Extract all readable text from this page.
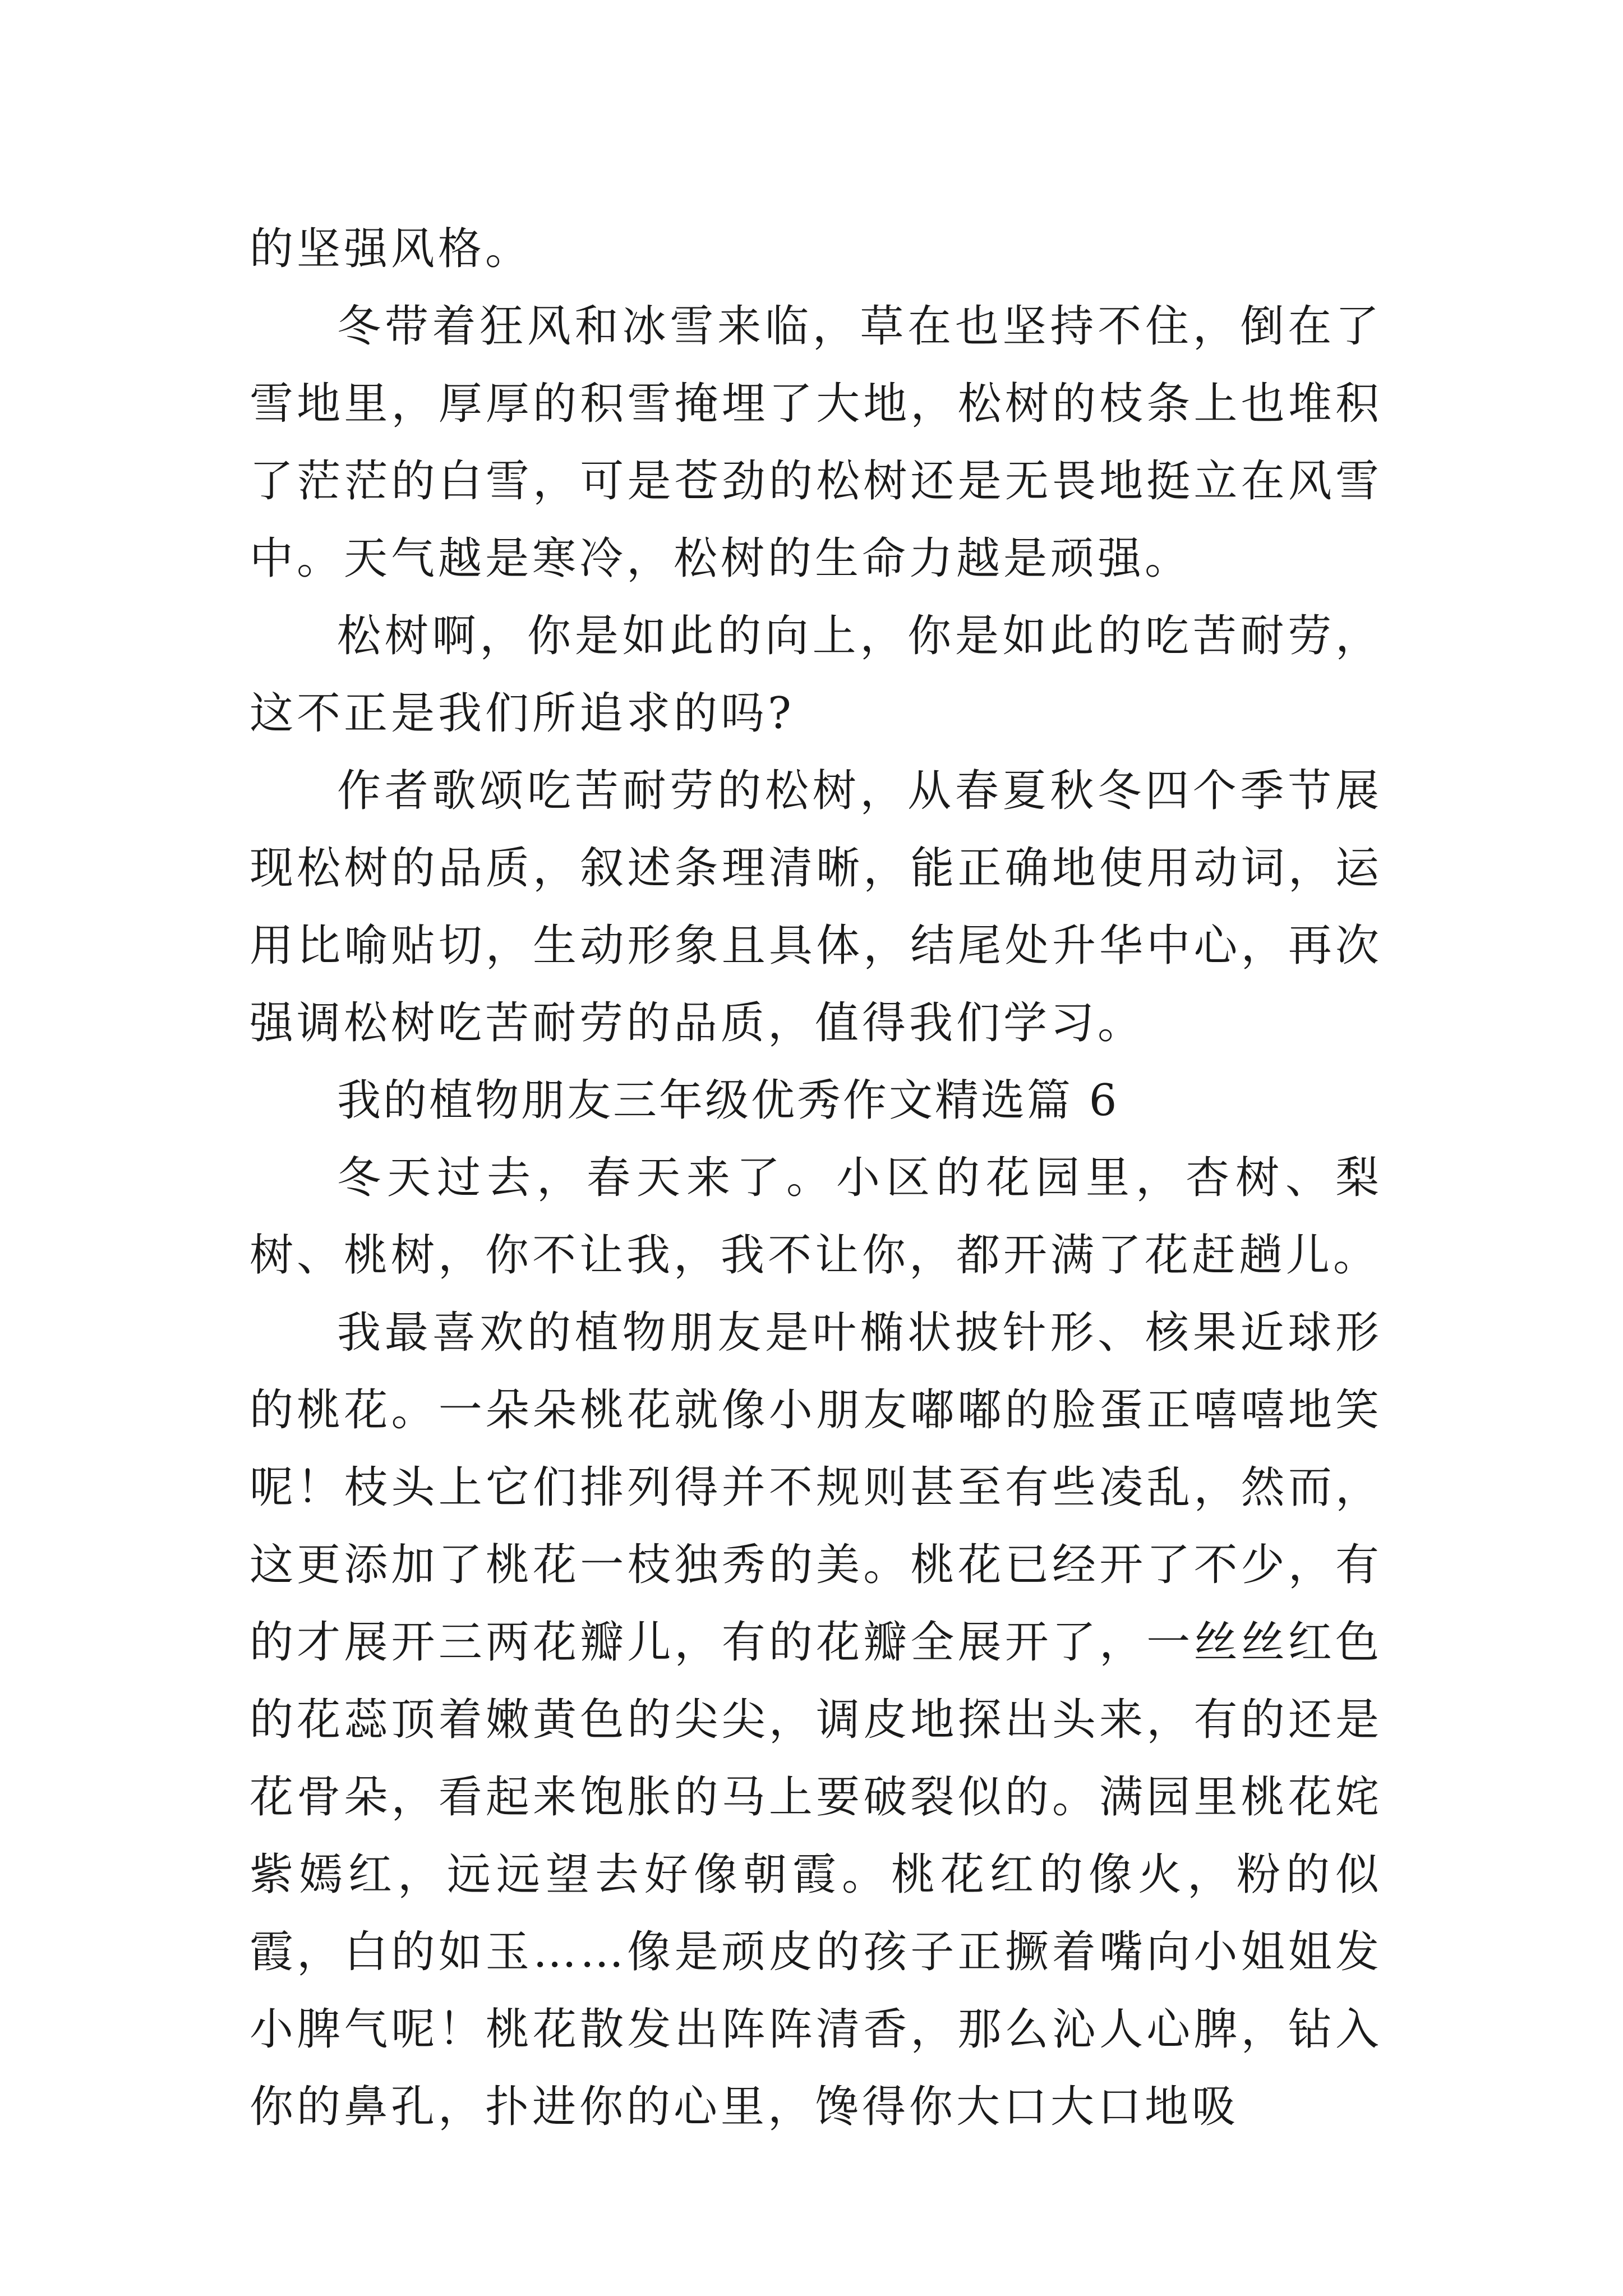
的坚强风格。

冬带着狂风和冰雪来临，草在也坚持不住，倒在了雪地里，厚厚的积雪掩埋了大地，松树的枝条上也堆积了茫茫的白雪，可是苍劲的松树还是无畏地挺立在风雪中。天气越是寒冷，松树的生命力越是顽强。

松树啊，你是如此的向上，你是如此的吃苦耐劳，这不正是我们所追求的吗?

作者歌颂吃苦耐劳的松树，从春夏秋冬四个季节展现松树的品质，叙述条理清晰，能正确地使用动词，运用比喻贴切，生动形象且具体，结尾处升华中心，再次强调松树吃苦耐劳的品质，值得我们学习。

我的植物朋友三年级优秀作文精选篇 6

冬天过去，春天来了。小区的花园里，杏树、梨树、桃树，你不让我，我不让你，都开满了花赶趟儿。

我最喜欢的植物朋友是叶椭状披针形、核果近球形的桃花。一朵朵桃花就像小朋友嘟嘟的脸蛋正嘻嘻地笑呢！枝头上它们排列得并不规则甚至有些凌乱，然而，这更添加了桃花一枝独秀的美。桃花已经开了不少，有的才展开三两花瓣儿，有的花瓣全展开了，一丝丝红色的花蕊顶着嫩黄色的尖尖，调皮地探出头来，有的还是花骨朵，看起来饱胀的马上要破裂似的。满园里桃花姹紫嫣红，远远望去好像朝霞。桃花红的像火，粉的似霞，白的如玉……像是顽皮的孩子正撅着嘴向小姐姐发小脾气呢！桃花散发出阵阵清香，那么沁人心脾，钻入你的鼻孔，扑进你的心里，馋得你大口大口地吸
